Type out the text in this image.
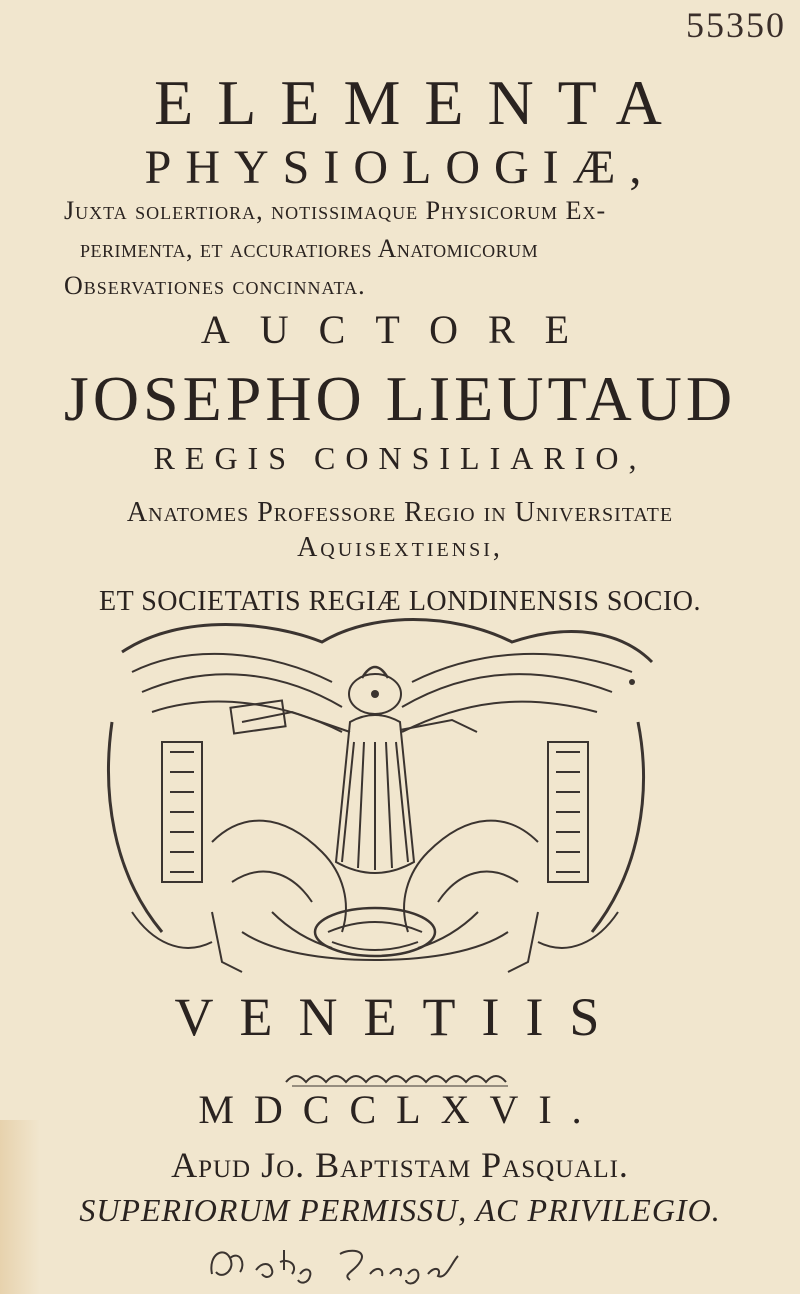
55350
ELEMENTA
PHYSIOLOGIÆ,
Juxta solertiora, notissimaque Physicorum Ex-
perimenta, et accuratiores Anatomicorum
Observationes concinnata.
AUCTORE
JOSEPHO LIEUTAUD
REGIS CONSILIARIO,
Anatomes Professore Regio in Universitate
Aquisextiensi,
ET SOCIETATIS REGIÆ LONDINENSIS SOCIO.
VENETIIS
MDCCLXVI.
Apud Jo. Baptistam Pasquali.
SUPERIORUM PERMISSU, AC PRIVILEGIO.
